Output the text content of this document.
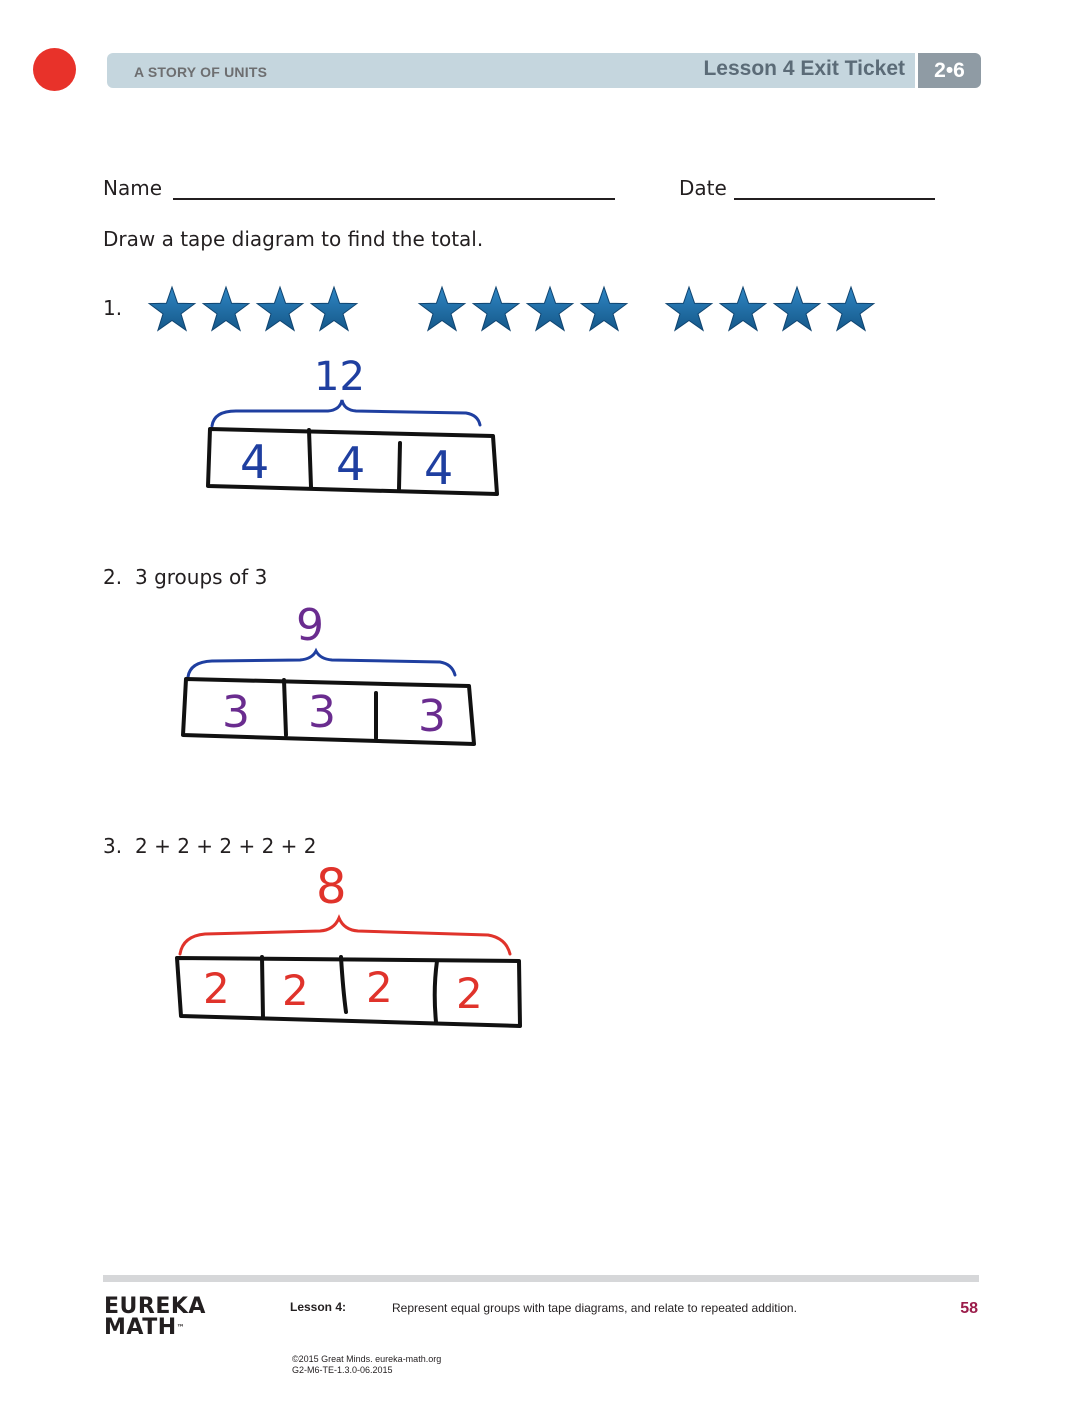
A STORY OF UNITS	Lesson 4 Exit Ticket	2•6
Name	Date
Draw a tape diagram to find the total.
1.
2. 3 groups of 3
3. 2 + 2 + 2 + 2 + 2
12
4 4 4
9
3 3 3
8
2 2 2 2
EUREKA
MATH™
Lesson 4:	Represent equal groups with tape diagrams, and relate to repeated addition.	58
©2015 Great Minds. eureka-math.org
G2-M6-TE-1.3.0-06.2015
